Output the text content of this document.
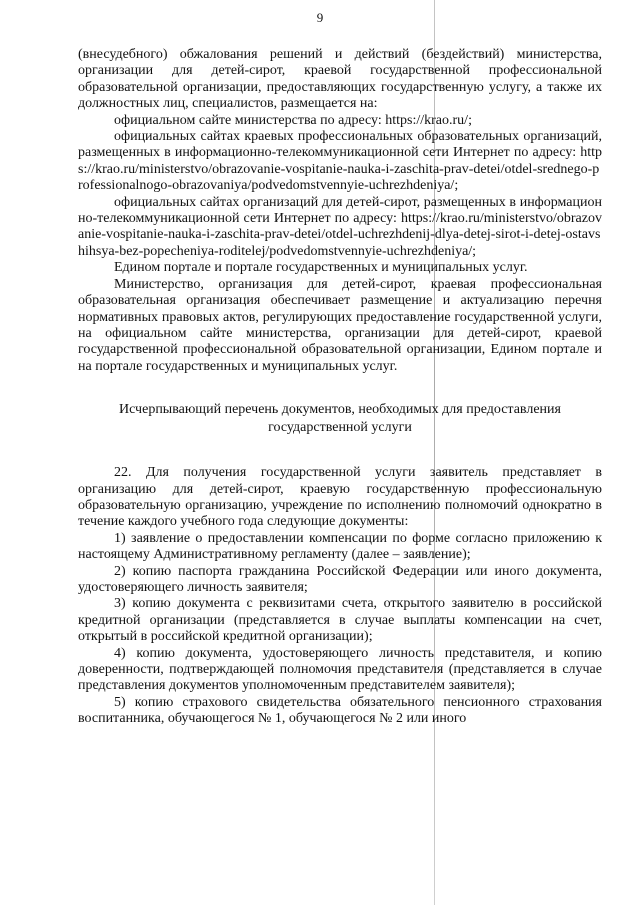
9

(внесудебного) обжалования решений и действий (бездействий) министерства, организации для детей-сирот, краевой государственной профессиональной образовательной организации, предоставляющих государственную услугу, а также их должностных лиц, специалистов, размещается на:

официальном сайте министерства по адресу: https://krao.ru/;

официальных сайтах краевых профессиональных образовательных организаций, размещенных в информационно-телекоммуникационной сети Интернет по адресу: https://krao.ru/ministerstvo/obrazovanie-vospitanie-nauka-i-zaschita-prav-detei/otdel-srednego-professionalnogo-obrazovaniya/podvedomstvennyie-uchrezhdeniya/;

официальных сайтах организаций для детей-сирот, размещенных в информационно-телекоммуникационной сети Интернет по адресу: https://krao.ru/ministerstvo/obrazovanie-vospitanie-nauka-i-zaschita-prav-detei/otdel-uchrezhdenij-dlya-detej-sirot-i-detej-ostavshihsya-bez-popecheniya-roditelej/podvedomstvennyie-uchrezhdeniya/;

Едином портале и портале государственных и муниципальных услуг.

Министерство, организация для детей-сирот, краевая профессиональная образовательная организация обеспечивает размещение и актуализацию перечня нормативных правовых актов, регулирующих предоставление государственной услуги, на официальном сайте министерства, организации для детей-сирот, краевой государственной профессиональной образовательной организации, Едином портале и на портале государственных и муниципальных услуг.

Исчерпывающий перечень документов, необходимых для предоставления государственной услуги

22. Для получения государственной услуги заявитель представляет в организацию для детей-сирот, краевую государственную профессиональную образовательную организацию, учреждение по исполнению полномочий однократно в течение каждого учебного года следующие документы:

1) заявление о предоставлении компенсации по форме согласно приложению к настоящему Административному регламенту (далее – заявление);

2) копию паспорта гражданина Российской Федерации или иного документа, удостоверяющего личность заявителя;

3) копию документа с реквизитами счета, открытого заявителю в российской кредитной организации (представляется в случае выплаты компенсации на счет, открытый в российской кредитной организации);

4) копию документа, удостоверяющего личность представителя, и копию доверенности, подтверждающей полномочия представителя (представляется в случае представления документов уполномоченным представителем заявителя);

5) копию страхового свидетельства обязательного пенсионного страхования воспитанника, обучающегося № 1, обучающегося № 2 или иного
